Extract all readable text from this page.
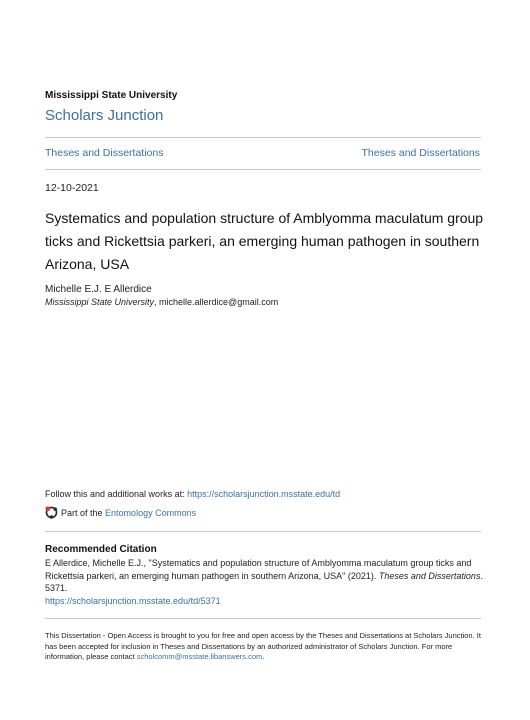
Mississippi State University
Scholars Junction
Theses and Dissertations	Theses and Dissertations
12-10-2021
Systematics and population structure of Amblyomma maculatum group ticks and Rickettsia parkeri, an emerging human pathogen in southern Arizona, USA
Michelle E.J. E Allerdice
Mississippi State University, michelle.allerdice@gmail.com
Follow this and additional works at: https://scholarsjunction.msstate.edu/td
Part of the
Entomology Commons
Recommended Citation
E Allerdice, Michelle E.J., "Systematics and population structure of Amblyomma maculatum group ticks and Rickettsia parkeri, an emerging human pathogen in southern Arizona, USA" (2021). Theses and Dissertations. 5371.
https://scholarsjunction.msstate.edu/td/5371
This Dissertation - Open Access is brought to you for free and open access by the Theses and Dissertations at Scholars Junction. It has been accepted for inclusion in Theses and Dissertations by an authorized administrator of Scholars Junction. For more information, please contact scholcomm@msstate.libanswers.com.
